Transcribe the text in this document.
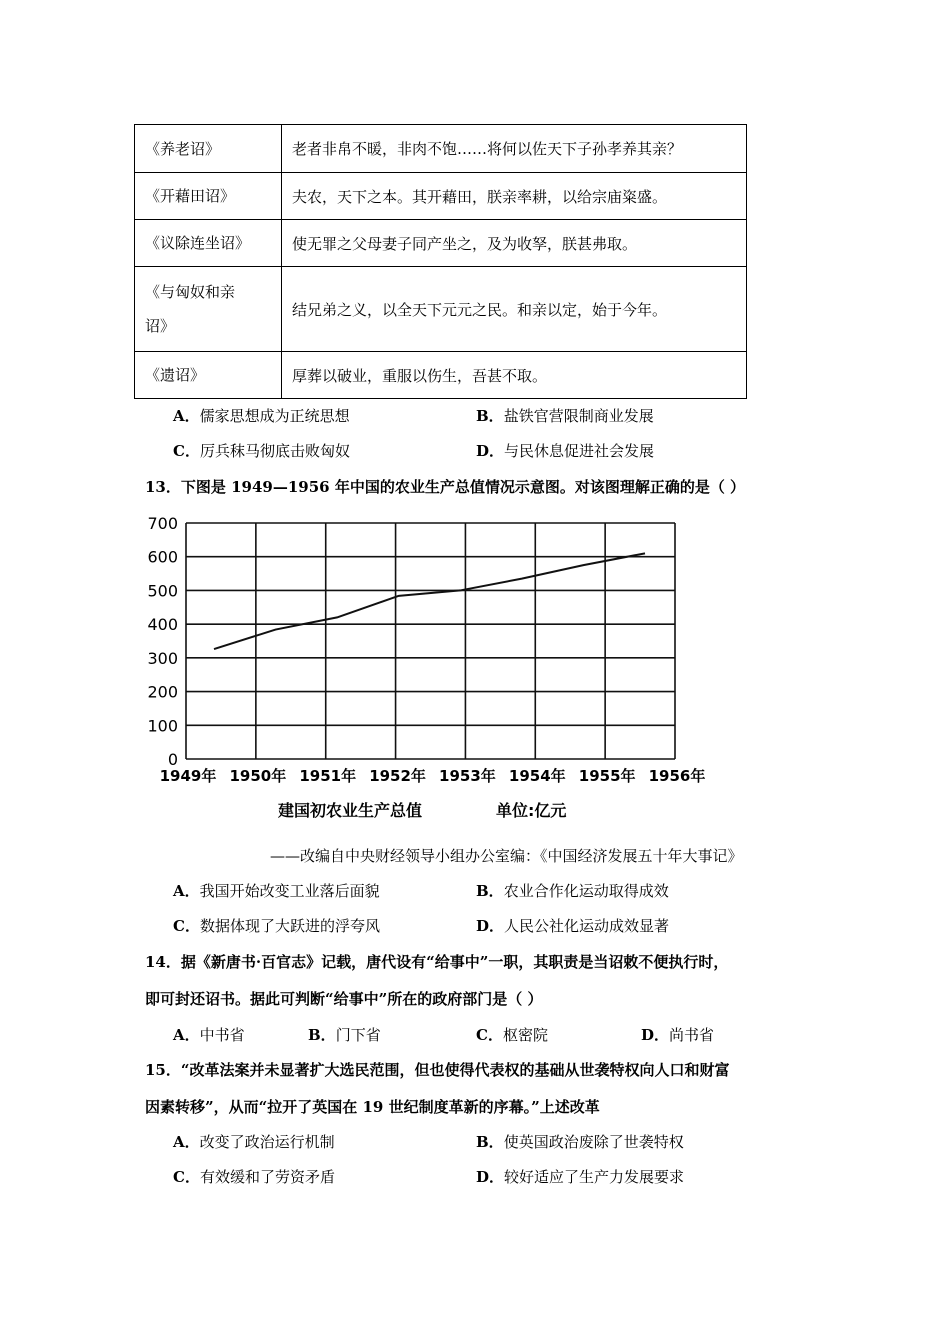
《养老诏》	老者非帛不暖，非肉不饱……将何以佐天下子孙孝养其亲？
《开藉田诏》	夫农，天下之本。其开藉田，朕亲率耕，以给宗庙粢盛。
《议除连坐诏》	使无罪之父母妻子同产坐之，及为收孥，朕甚弗取。
《与匈奴和亲
诏》	结兄弟之义，以全天下元元之民。和亲以定，始于今年。
《遗诏》	厚葬以破业，重服以伤生，吾甚不取。
A．儒家思想成为正统思想	B．盐铁官营限制商业发展
C．厉兵秣马彻底击败匈奴	D．与民休息促进社会发展
13．下图是 1949—1956 年中国的农业生产总值情况示意图。对该图理解正确的是（ ）
0
100
200
300
400
500
600
700
1949年 1950年 1951年 1952年 1953年 1954年 1955年 1956年
建国初农业生产总值	单位:亿元
——改编自中央财经领导小组办公室编：《中国经济发展五十年大事记》
A．我国开始改变工业落后面貌	B．农业合作化运动取得成效
C．数据体现了大跃进的浮夸风	D．人民公社化运动成效显著
14．据《新唐书·百官志》记载，唐代设有“给事中”一职，其职责是当诏敕不便执行时，
即可封还诏书。据此可判断“给事中”所在的政府部门是（ ）
A．中书省	B．门下省	C．枢密院	D．尚书省
15．“改革法案并未显著扩大选民范围，但也使得代表权的基础从世袭特权向人口和财富
因素转移”，从而“拉开了英国在 19 世纪制度革新的序幕。”上述改革
A．改变了政治运行机制	B．使英国政治废除了世袭特权
C．有效缓和了劳资矛盾	D．较好适应了生产力发展要求
